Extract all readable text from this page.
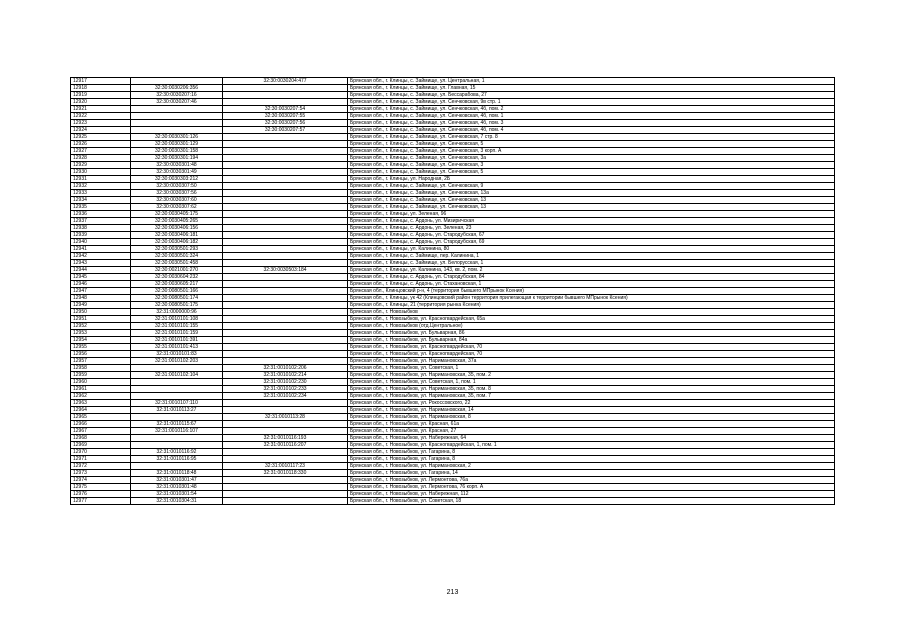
12917		32:30:0030204:477	Брянская обл., г. Клинцы, с. Займище, ул. Центральная, 1
12918	32:30:0030206:356		Брянская обл., г. Клинцы, с. Займище, ул. Главная, 15
12919	32:30:0030207:16		Брянская обл., г. Клинцы, с. Займище, ул. Бессарабова, 27
12920	32:30:0030207:46		Брянская обл., г. Клинцы, с. Займище, ул. Сенчковская, 9в стр. 1
12921		32:30:0030207:54	Брянская обл., г. Клинцы, с. Займище, ул. Сенчковская, 4б, пом. 2
12922		32:30:0030207:55	Брянская обл., г. Клинцы, с. Займище, ул. Сенчковская, 4б, пом. 1
12923		32:30:0030207:56	Брянская обл., г. Клинцы, с. Займище, ул. Сенчковская, 4б, пом. 3
12924		32:30:0030207:57	Брянская обл., г. Клинцы, с. Займище, ул. Сенчковская, 4б, пом. 4
12925	32:30:0030301:126		Брянская обл., г. Клинцы, с. Займище, ул. Сенчковская, 7 стр. 8
12926	32:30:0030301:129		Брянская обл., г. Клинцы, с. Займище, ул. Сенчковская, 5
12927	32:30:0030301:158		Брянская обл., г. Клинцы, с. Займище, ул. Сенчковская, 3 корп. А
12928	32:30:0030301:194		Брянская обл., г. Клинцы, с. Займище, ул. Сенчковская, 3а
12929	32:30:0030301:48		Брянская обл., г. Клинцы, с. Займище, ул. Сенчковская, 3
12930	32:30:0030301:49		Брянская обл., г. Клинцы, с. Займище, ул. Сенчковская, 5
12931	32:30:0030303:212		Брянская обл., г. Клинцы, ул. Народная, 2Б
12932	32:30:0030307:50		Брянская обл., г. Клинцы, с. Займище, ул. Сенчковская, 9
12933	32:30:0030307:56		Брянская обл., г. Клинцы, с. Займище, ул. Сенчковская, 13а
12934	32:30:0030307:60		Брянская обл., г. Клинцы, с. Займище, ул. Сенчковская, 13
12935	32:30:0030307:62		Брянская обл., г. Клинцы, с. Займище, ул. Сенчковская, 13
12936	32:30:0030405:175		Брянская обл., г. Клинцы, ул. Зеленая, 96
12937	32:30:0030405:265		Брянская обл., г. Клинцы, с. Ардонь, ул. Мизиричская
12938	32:30:0030406:156		Брянская обл., г. Клинцы, с. Ардонь, ул. Зеленая, 23
12939	32:30:0030406:181		Брянская обл., г. Клинцы, с. Ардонь, ул. Стародубская, 67
12940	32:30:0030406:182		Брянская обл., г. Клинцы, с. Ардонь, ул. Стародубская, 69
12941	32:30:0030501:293		Брянская обл., г. Клинцы, ул. Калинина, 80
12942	32:30:0030501:324		Брянская обл., г. Клинцы, с. Займище, пер. Калинина, 1
12943	32:30:0030501:458		Брянская обл., г. Клинцы, с. Займище, ул. Белорусская, 1
12944	32:30:0021001:270	32:30:0030503:184	Брянская обл., г. Клинцы, ул. Калинина, 143, кв. 2, пом. 2
12945	32:30:0030604:232		Брянская обл., г. Клинцы, с. Ардонь, ул. Стародубская, 84
12946	32:30:0030605:217		Брянская обл., г. Клинцы, с. Ардонь, ул. Стахановская, 1
12947	32:30:0080501:166		Брянская обл., Клинцовский р-н, 4 (территория бывшего МПрынок Ксения)
12948	32:30:0080501:174		Брянская обл., г. Клинцы, ук 42 (Клинцовский район территория прилегающая к территории бывшего МПрынок Ксения)
12949	32:30:0080501:175		Брянская обл., г. Клинцы, 21 (территория рынка Ксения)
12950	32:31:0000000:96		Брянская обл., г. Новозыбков
12951	32:31:0010101:108		Брянская обл., г. Новозыбков, ул. Красногвардейская, 65а
12952	32:31:0010101:155		Брянская обл., г. Новозыбков (отд.Центральное)
12953	32:31:0010101:159		Брянская обл., г. Новозыбков, ул. Бульварная, 86
12954	32:31:0010101:391		Брянская обл., г. Новозыбков, ул. Бульварная, 84а
12955	32:31:0010101:413		Брянская обл., г. Новозыбков, ул. Красногвардейская, 70
12956	32:31:0010101:83		Брянская обл., г. Новозыбков, ул. Красногвардейская, 70
12957	32:31:0010102:203		Брянская обл., г. Новозыбков, ул. Наримановская, 37а
12958		32:31:0010102:206	Брянская обл., г. Новозыбков, ул. Советская, 1
12959	32:31:0010102:104	32:31:0010102:214	Брянская обл., г. Новозыбков, ул. Наримановская, 35, пом. 2
12960		32:31:0010102:230	Брянская обл., г. Новозыбков, ул. Советская, 1, пом. 1
12961		32:31:0010102:233	Брянская обл., г. Новозыбков, ул. Наримановская, 35, пом. 8
12962		32:31:0010102:234	Брянская обл., г. Новозыбков, ул. Наримановская, 35, пом. 7
12963	32:31:0010107:110		Брянская обл., г. Новозыбков, ул. Рокоссовского, 22
12964	32:31:0010113:27		Брянская обл., г. Новозыбков, ул. Наримановская, 14
12965		32:31:0010113:28	Брянская обл., г. Новозыбков, ул. Наримановская, 8
12966	32:31:0010115:67		Брянская обл., г. Новозыбков, ул. Красная, 61а
12967	32:31:0010116:107		Брянская обл., г. Новозыбков, ул. Красная, 27
12968		32:31:0010116:193	Брянская обл., г. Новозыбков, ул. Набережная, 64
12969		32:31:0010116:207	Брянская обл., г. Новозыбков, ул. Красногвардейская, 1, пом. 1
12970	32:31:0010116:92		Брянская обл., г. Новозыбков, ул. Гагарина, 8
12971	32:31:0010116:95		Брянская обл., г. Новозыбков, ул. Гагарина, 8
12972		32:31:0010117:23	Брянская обл., г. Новозыбков, ул. Наримановская, 2
12973	32:31:0010118:48	32:31:0010118:330	Брянская обл., г. Новозыбков, ул. Гагарина, 14
12974	32:31:0010301:47		Брянская обл., г. Новозыбков, ул. Лермонтова, 76а
12975	32:31:0010301:48		Брянская обл., г. Новозыбков, ул. Лермонтова, 76 корп. А
12976	32:31:0010301:54		Брянская обл., г. Новозыбков, ул. Набережная, 112
12977	32:31:0010304:31		Брянская обл., г. Новозыбков, ул. Советская, 18
213
